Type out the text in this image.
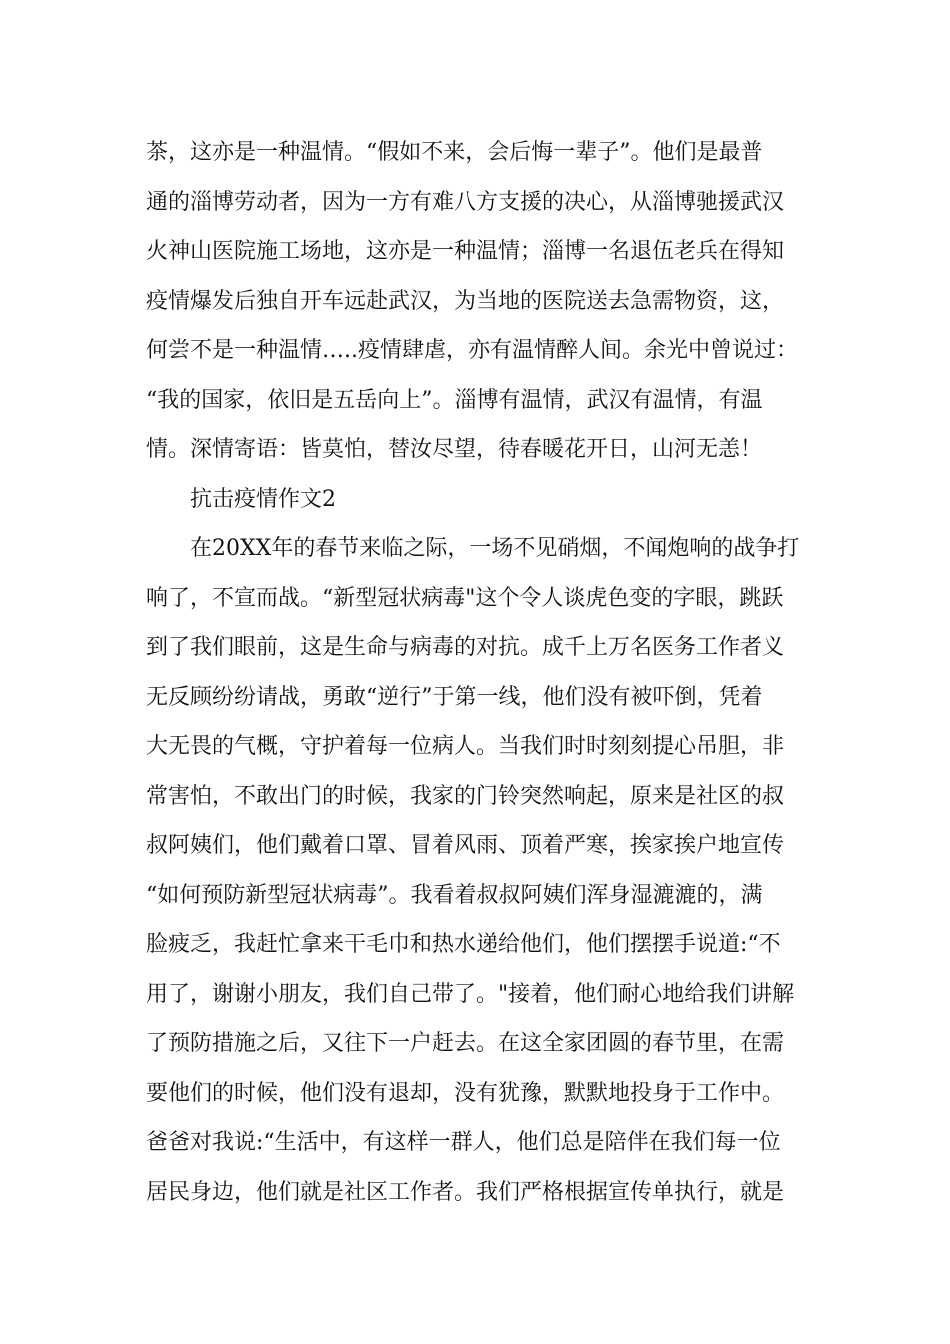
茶，这亦是一种温情。“假如不来，会后悔一辈子”。他们是最普
通的淄博劳动者，因为一方有难八方支援的决心，从淄博驰援武汉
火神山医院施工场地，这亦是一种温情；淄博一名退伍老兵在得知
疫情爆发后独自开车远赴武汉，为当地的医院送去急需物资，这，
何尝不是一种温情…..疫情肆虐，亦有温情醉人间。余光中曾说过：
“我的国家，依旧是五岳向上”。淄博有温情，武汉有温情，有温
情。深情寄语：皆莫怕，替汝尽望，待春暖花开日，山河无恙！
抗击疫情作文2
在20XX年的春节来临之际，一场不见硝烟，不闻炮响的战争打
响了，不宣而战。“新型冠状病毒"这个令人谈虎色变的字眼，跳跃
到了我们眼前，这是生命与病毒的对抗。成千上万名医务工作者义
无反顾纷纷请战，勇敢“逆行”于第一线，他们没有被吓倒，凭着
大无畏的气概，守护着每一位病人。当我们时时刻刻提心吊胆，非
常害怕，不敢出门的时候，我家的门铃突然响起，原来是社区的叔
叔阿姨们，他们戴着口罩、冒着风雨、顶着严寒，挨家挨户地宣传
“如何预防新型冠状病毒”。我看着叔叔阿姨们浑身湿漉漉的，满
脸疲乏，我赶忙拿来干毛巾和热水递给他们，他们摆摆手说道:“不
用了，谢谢小朋友，我们自己带了。"接着，他们耐心地给我们讲解
了预防措施之后，又往下一户赶去。在这全家团圆的春节里，在需
要他们的时候，他们没有退却，没有犹豫，默默地投身于工作中。
爸爸对我说:“生活中，有这样一群人，他们总是陪伴在我们每一位
居民身边，他们就是社区工作者。我们严格根据宣传单执行，就是
